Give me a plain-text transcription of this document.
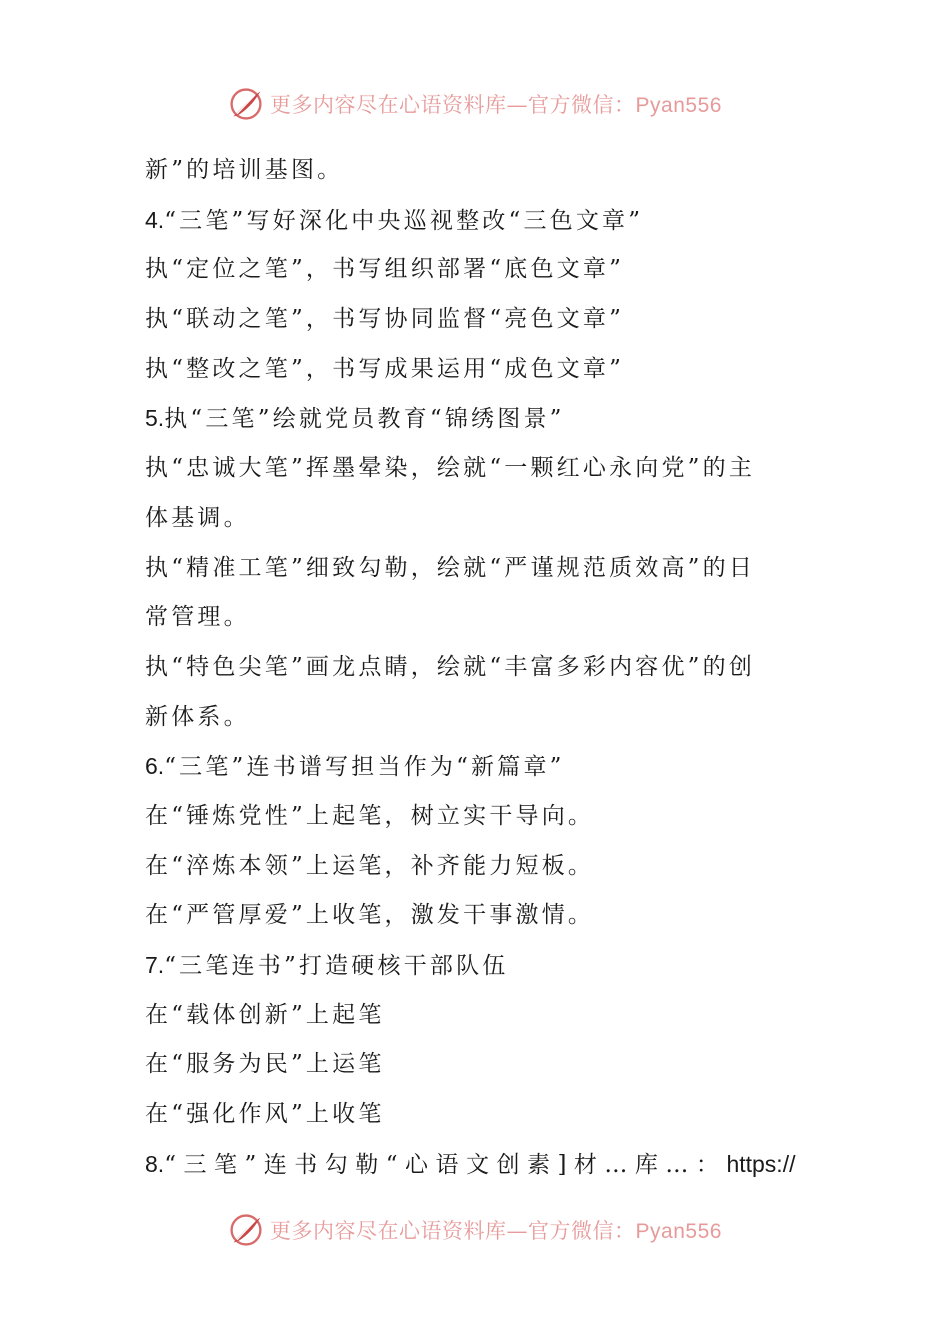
更多内容尽在心语资料库—官方微信：Pyan556
新”的培训基图。
4.“三笔”写好深化中央巡视整改“三色文章”
执“定位之笔”，书写组织部署“底色文章”
执“联动之笔”，书写协同监督“亮色文章”
执“整改之笔”，书写成果运用“成色文章”
5.执“三笔”绘就党员教育“锦绣图景”
执“忠诚大笔”挥墨晕染，绘就“一颗红心永向党”的主
体基调。
执“精准工笔”细致勾勒，绘就“严谨规范质效高”的日
常管理。
执“特色尖笔”画龙点睛，绘就“丰富多彩内容优”的创
新体系。
6.“三笔”连书谱写担当作为“新篇章”
在“锤炼党性”上起笔，树立实干导向。
在“淬炼本领”上运笔，补齐能力短板。
在“严管厚爱”上收笔，激发干事激情。
7.“三笔连书”打造硬核干部队伍
在“载体创新”上起笔
在“服务为民”上运笔
在“强化作风”上收笔
8.“三笔”连书勾勒“心语文创素]材…库…：https://
更多内容尽在心语资料库—官方微信：Pyan556
